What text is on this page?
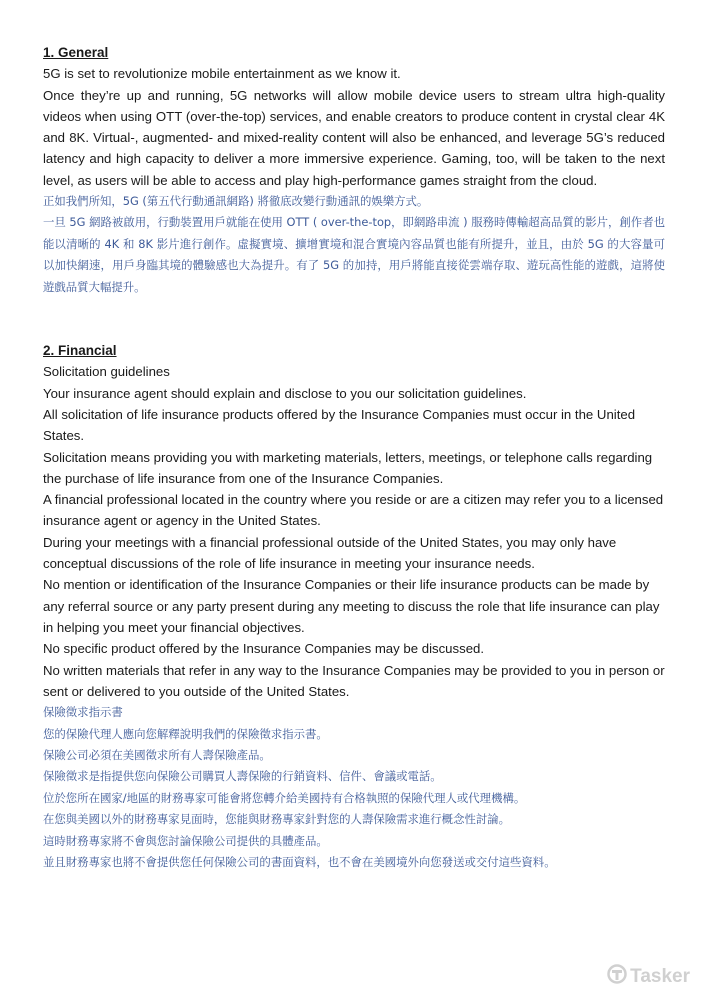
1. General

5G is set to revolutionize mobile entertainment as we know it.

Once they’re up and running, 5G networks will allow mobile device users to stream ultra high-quality videos when using OTT (over-the-top) services, and enable creators to produce content in crystal clear 4K and 8K. Virtual-, augmented- and mixed-reality content will also be enhanced, and leverage 5G’s reduced latency and high capacity to deliver a more immersive experience. Gaming, too, will be taken to the next level, as users will be able to access and play high-performance games straight from the cloud.

正如我們所知，5G (第五代行動通訊網路) 將徹底改變行動通訊的娛樂方式。

一旦 5G 網路被啟用，行動裝置用戶就能在使用 OTT ( over-the-top，即網路串流 ) 服務時傳輸超高品質的影片，創作者也能以清晰的 4K 和 8K 影片進行創作。虛擬實境、擴增實境和混合實境內容品質也能有所提升，並且，由於 5G 的大容量可以加快網速，用戶身臨其境的體驗感也大為提升。有了 5G 的加持，用戶將能直接從雲端存取、遊玩高性能的遊戲，這將使遊戲品質大幅提升。

2. Financial

Solicitation guidelines

Your insurance agent should explain and disclose to you our solicitation guidelines.

All solicitation of life insurance products offered by the Insurance Companies must occur in the United States.

Solicitation means providing you with marketing materials, letters, meetings, or telephone calls regarding the purchase of life insurance from one of the Insurance Companies.

A financial professional located in the country where you reside or are a citizen may refer you to a licensed insurance agent or agency in the United States.

During your meetings with a financial professional outside of the United States, you may only have conceptual discussions of the role of life insurance in meeting your insurance needs.

No mention or identification of the Insurance Companies or their life insurance products can be made by any referral source or any party present during any meeting to discuss the role that life insurance can play in helping you meet your financial objectives.

No specific product offered by the Insurance Companies may be discussed.

No written materials that refer in any way to the Insurance Companies may be provided to you in person or sent or delivered to you outside of the United States.

保險徵求指示書

您的保險代理人應向您解釋說明我們的保險徵求指示書。

保險公司必須在美國徵求所有人壽保險產品。

保險徵求是指提供您向保險公司購買人壽保險的行銷資料、信件、會議或電話。

位於您所在國家/地區的財務專家可能會將您轉介給美國持有合格執照的保險代理人或代理機構。

在您與美國以外的財務專家見面時，您能與財務專家針對您的人壽保險需求進行概念性討論。

這時財務專家將不會與您討論保險公司提供的具體產品。

並且財務專家也將不會提供您任何保險公司的書面資料，也不會在美國境外向您發送或交付這些資料。

Tasker
